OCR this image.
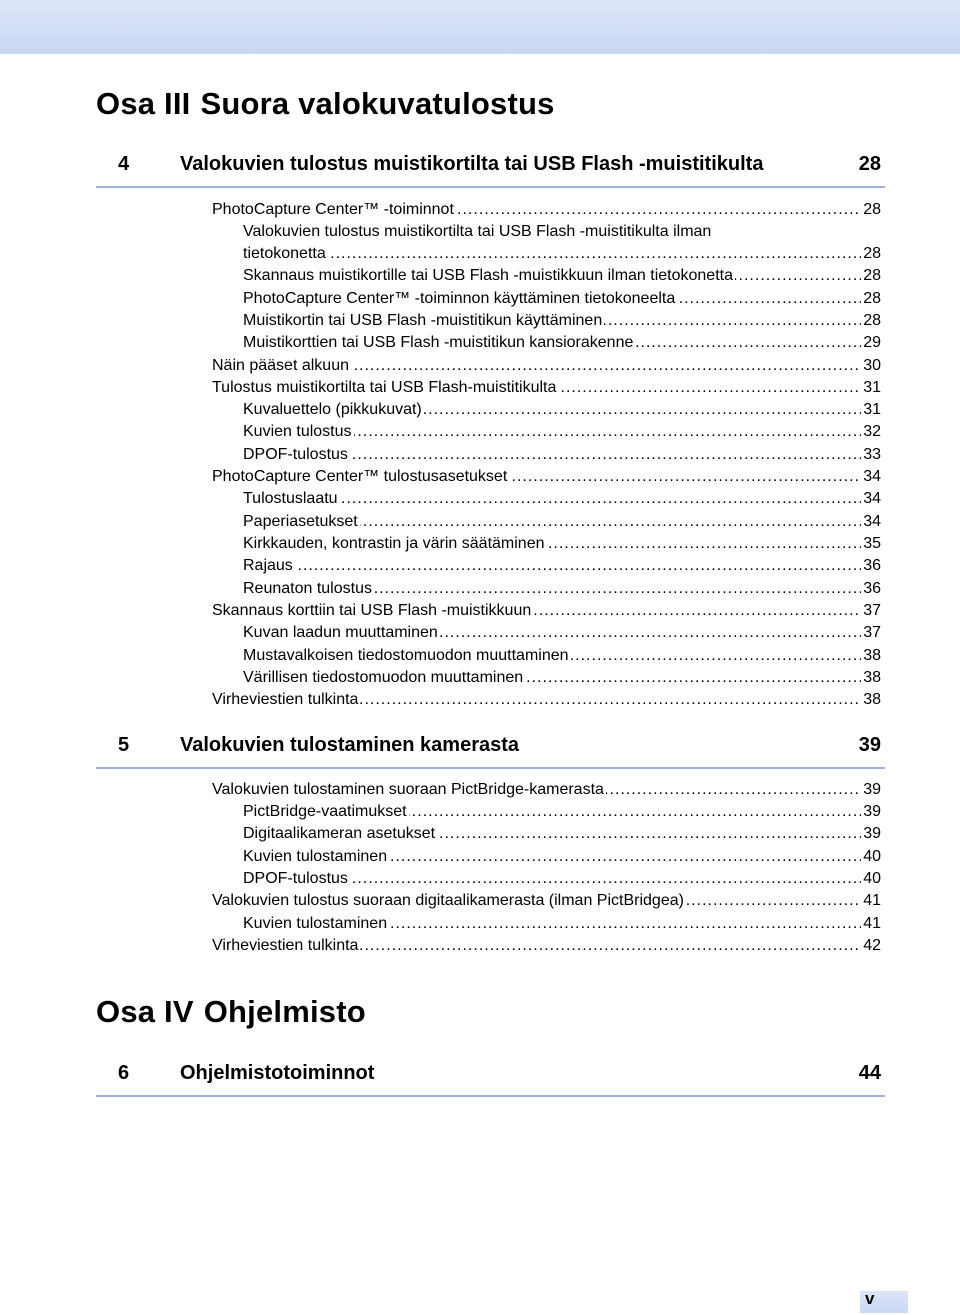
Osa III Suora valokuvatulostus
4	Valokuvien tulostus muistikortilta tai USB Flash -muistitikulta	28
.....
PhotoCapture Center™ -toiminnot	28
Valokuvien tulostus muistikortilta tai USB Flash -muistitikulta ilman
.....
tietokonetta	28
.....
Skannaus muistikortille tai USB Flash -muistikkuun ilman tietokonetta	28
.....
PhotoCapture Center™ -toiminnon käyttäminen tietokoneelta	28
.....
Muistikortin tai USB Flash -muistitikun käyttäminen	28
.....
Muistikorttien tai USB Flash -muistitikun kansiorakenne	29
.....
Näin pääset alkuun	30
.....
Tulostus muistikortilta tai USB Flash-muistitikulta	31
.....
Kuvaluettelo (pikkukuvat)	31
.....
Kuvien tulostus	32
.....
DPOF-tulostus	33
.....
PhotoCapture Center™ tulostusasetukset	34
.....
Tulostuslaatu	34
.....
Paperiasetukset	34
.....
Kirkkauden, kontrastin ja värin säätäminen	35
.....
Rajaus	36
.....
Reunaton tulostus	36
.....
Skannaus korttiin tai USB Flash -muistikkuun	37
.....
Kuvan laadun muuttaminen	37
.....
Mustavalkoisen tiedostomuodon muuttaminen	38
.....
Värillisen tiedostomuodon muuttaminen	38
.....
Virheviestien tulkinta	38
5	Valokuvien tulostaminen kamerasta	39
.....
Valokuvien tulostaminen suoraan PictBridge-kamerasta	39
.....
PictBridge-vaatimukset	39
.....
Digitaalikameran asetukset	39
.....
Kuvien tulostaminen	40
.....
DPOF-tulostus	40
.....
Valokuvien tulostus suoraan digitaalikamerasta (ilman PictBridgea)	41
.....
Kuvien tulostaminen	41
.....
Virheviestien tulkinta	42
Osa IV Ohjelmisto
6	Ohjelmistotoiminnot	44

v
